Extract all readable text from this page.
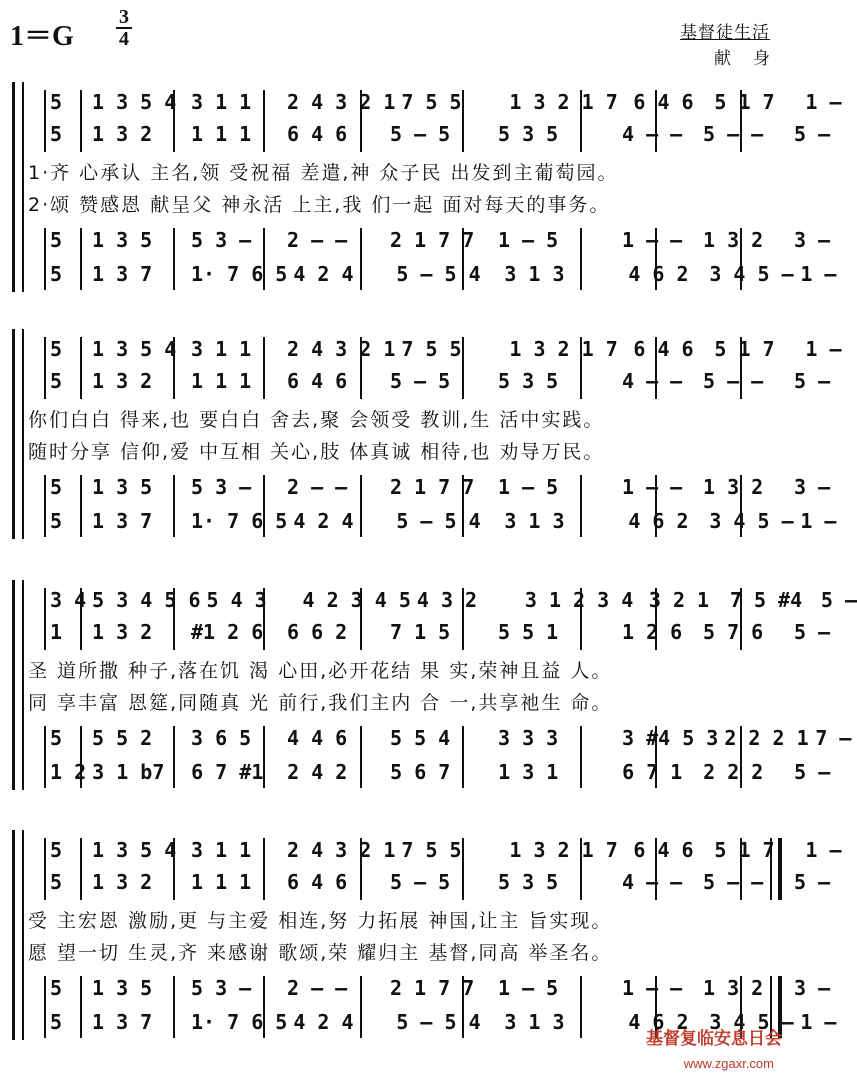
1＝G
3
4	基督徒生活
献身
5	1 3 5 4 3 1 1	2 4 3 2 1 7 5 5	1 3 2 1 7 6 4 6	5 1 7	1 –
5	1 3 2	1 1 1	6 4 6	5 – 5	5 3 5	4 – –	5 – –	5 –
5	1 3 5	5 3 –	2 – –	2 1 7 7	1 – 5	1 – –	1 3 2	3 –
5	1 3 7	1· 7 6 5 4 2 4	5 – 5 4	3 1 3	4 6 2	3 4 5 – 1 –
1·齐 心承认 主名,领 受祝福 差遣,神 众子民 出发到主葡萄园。
2·颂 赞感恩 献呈父 神永活 上主,我 们一起 面对每天的事务。
5	1 3 5 4 3 1 1	2 4 3 2 1 7 5 5	1 3 2 1 7 6 4 6	5 1 7	1 –
5	1 3 2	1 1 1	6 4 6	5 – 5	5 3 5	4 – –	5 – –	5 –
5	1 3 5	5 3 –	2 – –	2 1 7 7	1 – 5	1 – –	1 3 2	3 –
5	1 3 7	1· 7 6 5 4 2 4	5 – 5 4	3 1 3	4 6 2	3 4 5 – 1 –
你们白白 得来,也 要白白 舍去,聚 会领受 教训,生 活中实践。
随时分享 信仰,爱 中互相 关心,肢 体真诚 相待,也 劝导万民。
3 4 5 3 4 5 6 5 4 3	4 2 3 4 5 4 3 2	3 1 2 3 4 3 2 1	7 5 #4 5 –
1	1 3 2	#1 2 6	6 6 2	7 1 5	5 5 1	1 2 6	5 7 6	5 –
5	5 5 2	3 6 5	4 4 6	5 5 4	3 3 3	3 #4 5 3 2 2 2 1 7 –
1 2 3 1 b7	6 7 #1	2 4 2	5 6 7	1 3 1	6 7 1	2 2 2	5 –
圣 道所撒 种子,落在饥 渴 心田,必开花结 果 实,荣神且益 人。
同 享丰富 恩筵,同随真 光 前行,我们主内 合 一,共享祂生 命。
5	1 3 5 4 3 1 1	2 4 3 2 1 7 5 5	1 3 2 1 7 6 4 6	5 1 7	1 –
5	1 3 2	1 1 1	6 4 6	5 – 5	5 3 5	4 – –	5 – –	5 –
5	1 3 5	5 3 –	2 – –	2 1 7 7	1 – 5	1 – –	1 3 2	3 –
5	1 3 7	1· 7 6 5 4 2 4	5 – 5 4	3 1 3	4 6 2	3 4 5 – 1 –
受 主宏恩 激励,更 与主爱 相连,努 力拓展 神国,让主 旨实现。
愿 望一切 生灵,齐 来感谢 歌颂,荣 耀归主 基督,同高 举圣名。
基督复临安息日会
www.zgaxr.com
